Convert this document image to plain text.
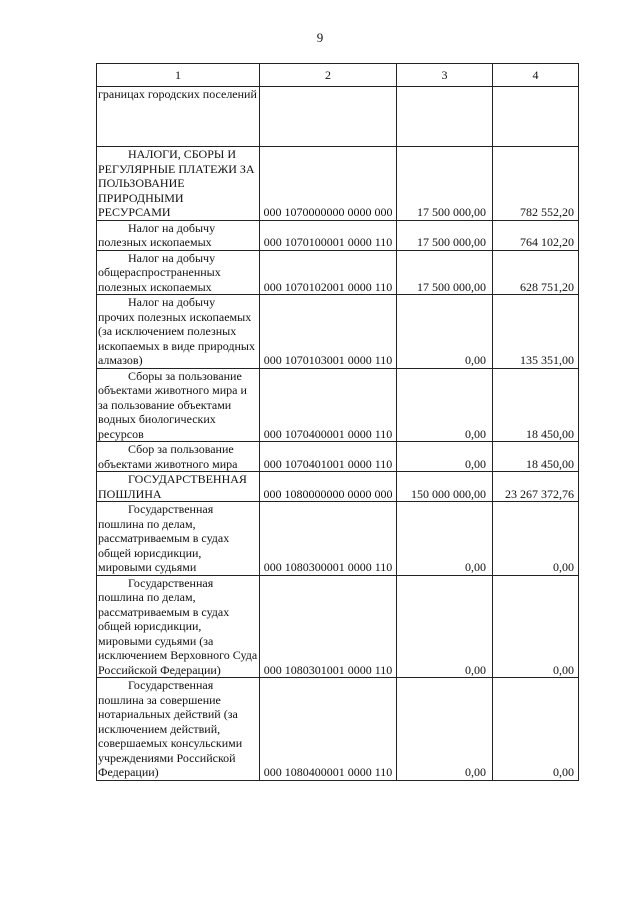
9
1	2	3	4

границах городских поселений			

НАЛОГИ, СБОРЫ И
РЕГУЛЯРНЫЕ ПЛАТЕЖИ ЗА ПОЛЬЗОВАНИЕ ПРИРОДНЫМИ РЕСУРСАМИ	000 1070000000 0000 000	17 500 000,00	782 552,20

Налог на добычу
полезных ископаемых	000 1070100001 0000 110	17 500 000,00	764 102,20

Налог на добычу
общераспространенных полезных ископаемых	000 1070102001 0000 110	17 500 000,00	628 751,20

Налог на добычу
прочих полезных ископаемых (за исключением полезных ископаемых в виде природных алмазов)	000 1070103001 0000 110	0,00	135 351,00

Сборы за пользование
объектами животного мира и за пользование объектами водных биологических ресурсов	000 1070400001 0000 110	0,00	18 450,00

Сбор за пользование
объектами животного мира	000 1070401001 0000 110	0,00	18 450,00

ГОСУДАРСТВЕННАЯ
ПОШЛИНА	000 1080000000 0000 000	150 000 000,00	23 267 372,76

Государственная
пошлина по делам, рассматриваемым в судах общей юрисдикции, мировыми судьями	000 1080300001 0000 110	0,00	0,00

Государственная
пошлина по делам, рассматриваемым в судах общей юрисдикции, мировыми судьями (за исключением Верховного Суда Российской Федерации)	000 1080301001 0000 110	0,00	0,00

Государственная
пошлина за совершение нотариальных действий (за исключением действий, совершаемых консульскими учреждениями Российской Федерации)	000 1080400001 0000 110	0,00	0,00
